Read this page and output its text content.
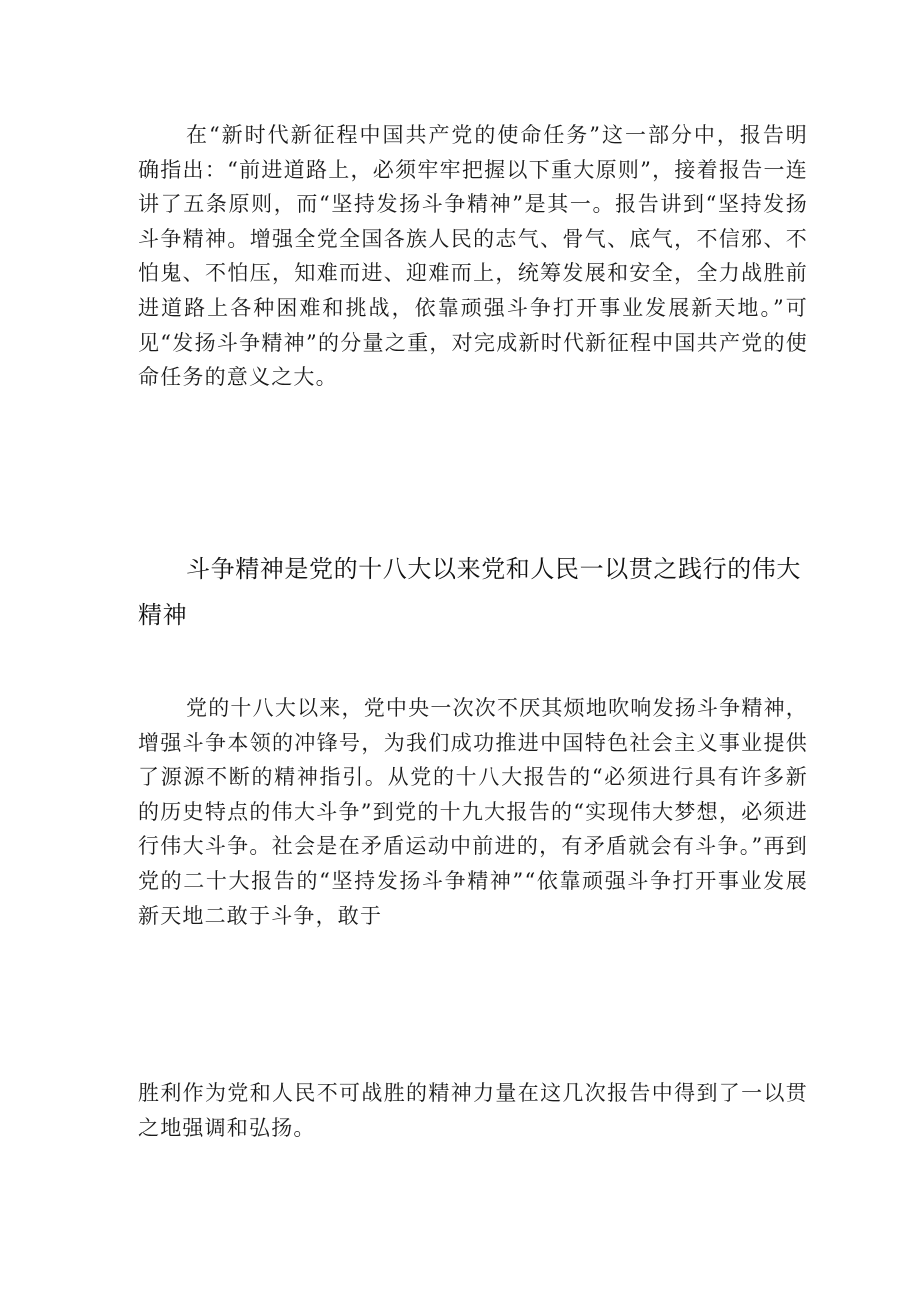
在“新时代新征程中国共产党的使命任务”这一部分中，报告明确指出：“前进道路上，必须牢牢把握以下重大原则”，接着报告一连讲了五条原则，而“坚持发扬斗争精神”是其一。报告讲到“坚持发扬斗争精神。增强全党全国各族人民的志气、骨气、底气，不信邪、不怕鬼、不怕压，知难而进、迎难而上，统筹发展和安全，全力战胜前进道路上各种困难和挑战，依靠顽强斗争打开事业发展新天地。”可见“发扬斗争精神”的分量之重，对完成新时代新征程中国共产党的使命任务的意义之大。

斗争精神是党的十八大以来党和人民一以贯之践行的伟大精神

党的十八大以来，党中央一次次不厌其烦地吹响发扬斗争精神，增强斗争本领的冲锋号，为我们成功推进中国特色社会主义事业提供了源源不断的精神指引。从党的十八大报告的“必须进行具有许多新的历史特点的伟大斗争”到党的十九大报告的“实现伟大梦想，必须进行伟大斗争。社会是在矛盾运动中前进的，有矛盾就会有斗争。”再到党的二十大报告的“坚持发扬斗争精神”“依靠顽强斗争打开事业发展新天地二敢于斗争，敢于

胜利作为党和人民不可战胜的精神力量在这几次报告中得到了一以贯之地强调和弘扬。
